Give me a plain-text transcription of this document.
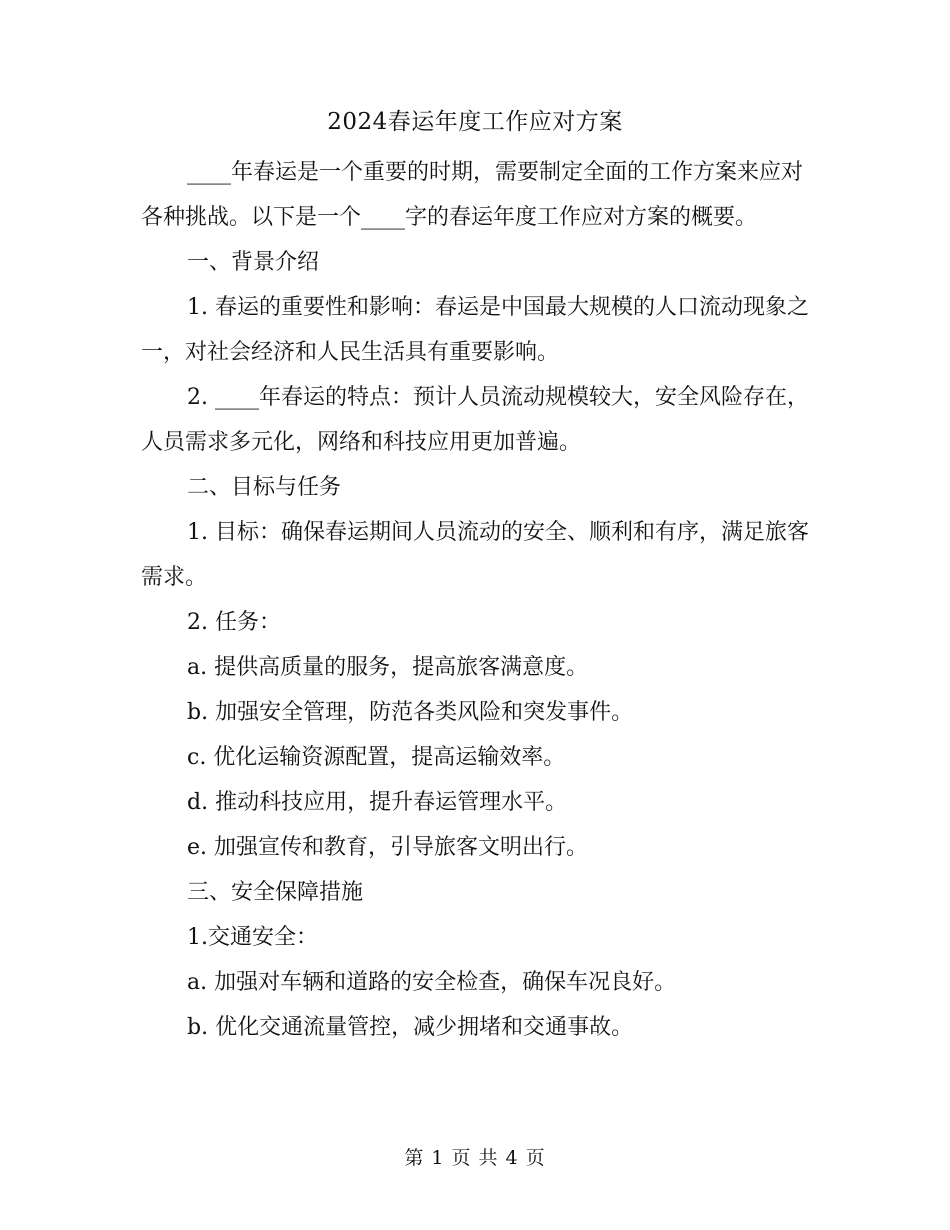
2024春运年度工作应对方案

____年春运是一个重要的时期，需要制定全面的工作方案来应对各种挑战。以下是一个____字的春运年度工作应对方案的概要。

一、背景介绍

1. 春运的重要性和影响：春运是中国最大规模的人口流动现象之一，对社会经济和人民生活具有重要影响。

2. ____年春运的特点：预计人员流动规模较大，安全风险存在，人员需求多元化，网络和科技应用更加普遍。

二、目标与任务

1. 目标：确保春运期间人员流动的安全、顺利和有序，满足旅客需求。

2. 任务：

a. 提供高质量的服务，提高旅客满意度。

b. 加强安全管理，防范各类风险和突发事件。

c. 优化运输资源配置，提高运输效率。

d. 推动科技应用，提升春运管理水平。

e. 加强宣传和教育，引导旅客文明出行。

三、安全保障措施

1.交通安全：

a. 加强对车辆和道路的安全检查，确保车况良好。

b. 优化交通流量管控，减少拥堵和交通事故。

第 1 页 共 4 页
